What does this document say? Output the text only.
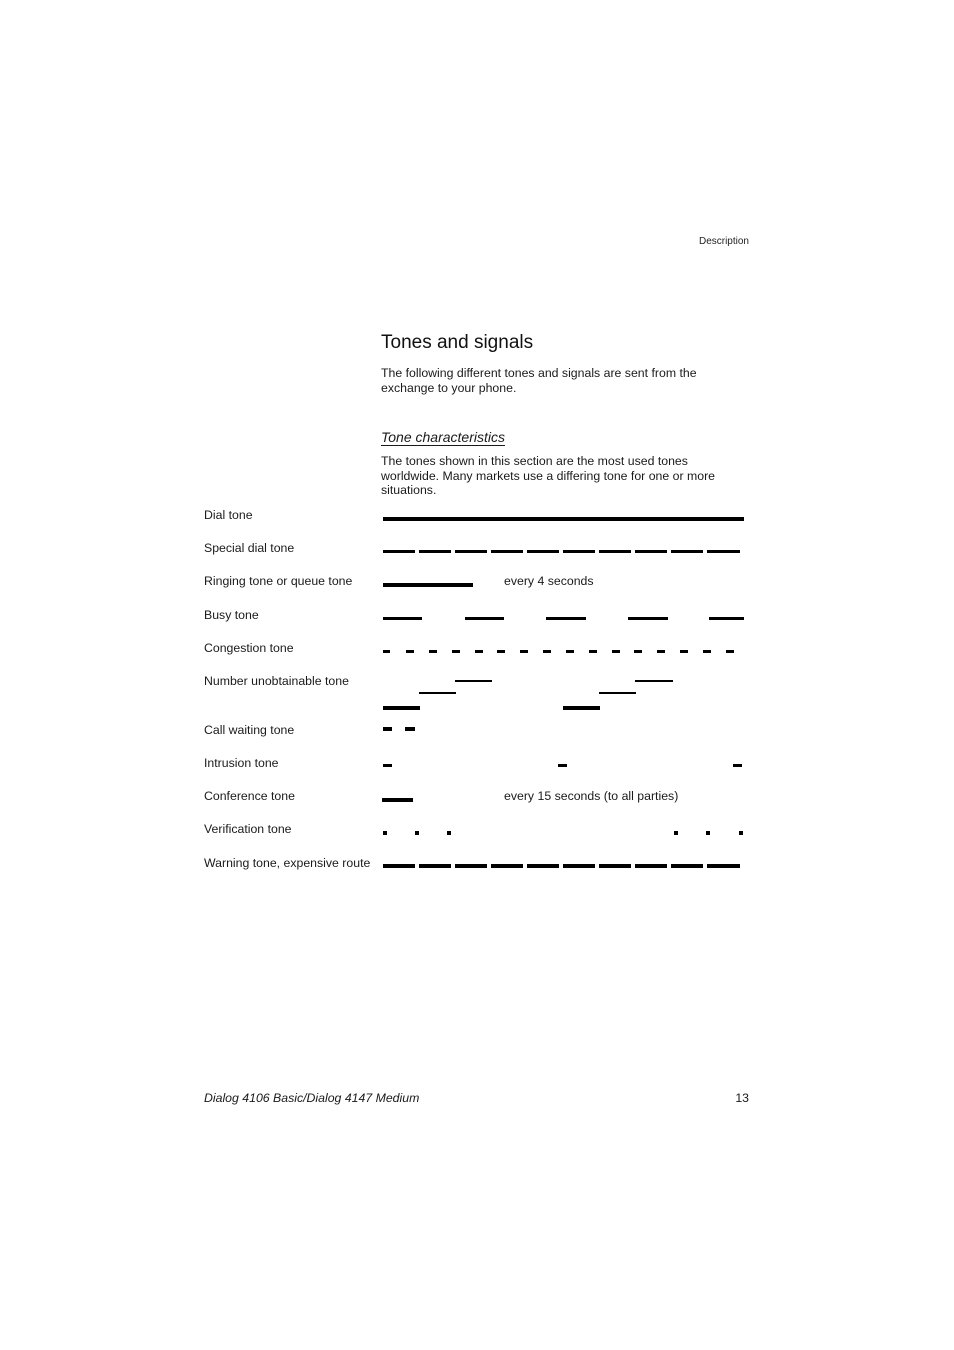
Description
Tones and signals

The following different tones and signals are sent from the exchange to your phone.

Tone characteristics

The tones shown in this section are the most used tones worldwide. Many markets use a differing tone for one or more situations.

Dial tone
Special dial tone
Ringing tone or queue tone	every 4 seconds
Busy tone
Congestion tone
Number unobtainable tone
Call waiting tone
Intrusion tone
Conference tone	every 15 seconds (to all parties)
Verification tone
Warning tone, expensive route
Dialog 4106 Basic/Dialog 4147 Medium	13
